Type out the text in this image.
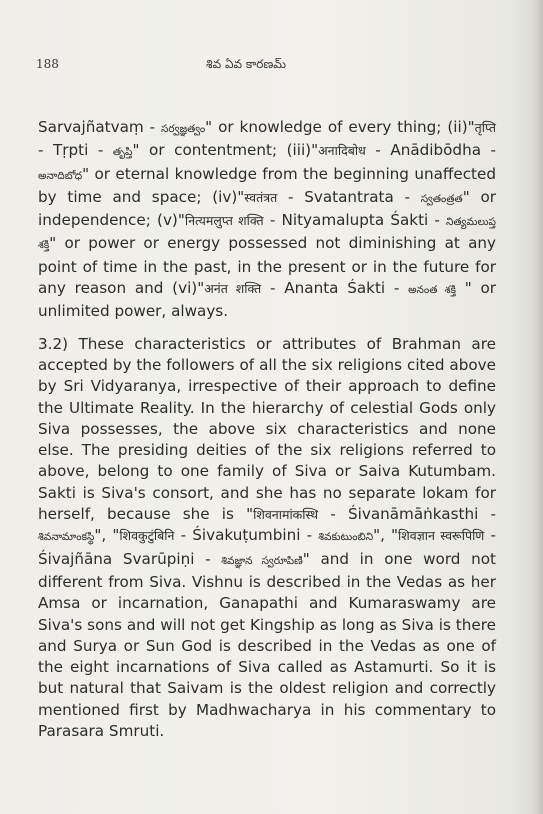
188	శివ ఏవ కారణమ్

Sarvajñatvaṃ - సర్వజ్ఞత్వం" or knowledge of every thing; (ii)"तृप्ति - Tṛpti - తృప్తి" or contentment; (iii)"अनादिबोध - Anādibōdha - అనాదిబోధ" or eternal knowledge from the beginning unaffected by time and space; (iv)"स्वतंत्रत - Svatantrata - స్వతంత్రత" or independence; (v)"नित्यमलुप्त शक्ति - Nityamalupta Śakti - నిత్యమలుప్త శక్తి" or power or energy possessed not diminishing at any point of time in the past, in the present or in the future for any reason and (vi)"अनंत शक्ति - Ananta Śakti - అనంత శక్తి " or unlimited power, always.

3.2) These characteristics or attributes of Brahman are accepted by the followers of all the six religions cited above by Sri Vidyaranya, irrespective of their approach to define the Ultimate Reality. In the hierarchy of celestial Gods only Siva possesses, the above six characteristics and none else. The presiding deities of the six religions referred to above, belong to one family of Siva or Saiva Kutumbam. Sakti is Siva's consort, and she has no separate lokam for herself, because she is "शिवनामांकस्थि - Śivanāmāṅkasthi - శివనామాంకస్థి", "शिवकुटुंबिनि - Śivakuṭumbini - శివకుటుంబిని", "शिवज्ञान स्वरूपिणि - Śivajñāna Svarūpiṇi - శివజ్ఞాన స్వరూపిణి" and in one word not different from Siva. Vishnu is described in the Vedas as her Amsa or incarnation, Ganapathi and Kumaraswamy are Siva's sons and will not get Kingship as long as Siva is there and Surya or Sun God is described in the Vedas as one of the eight incarnations of Siva called as Astamurti. So it is but natural that Saivam is the oldest religion and correctly mentioned first by Madhwacharya in his commentary to Parasara Smruti.
